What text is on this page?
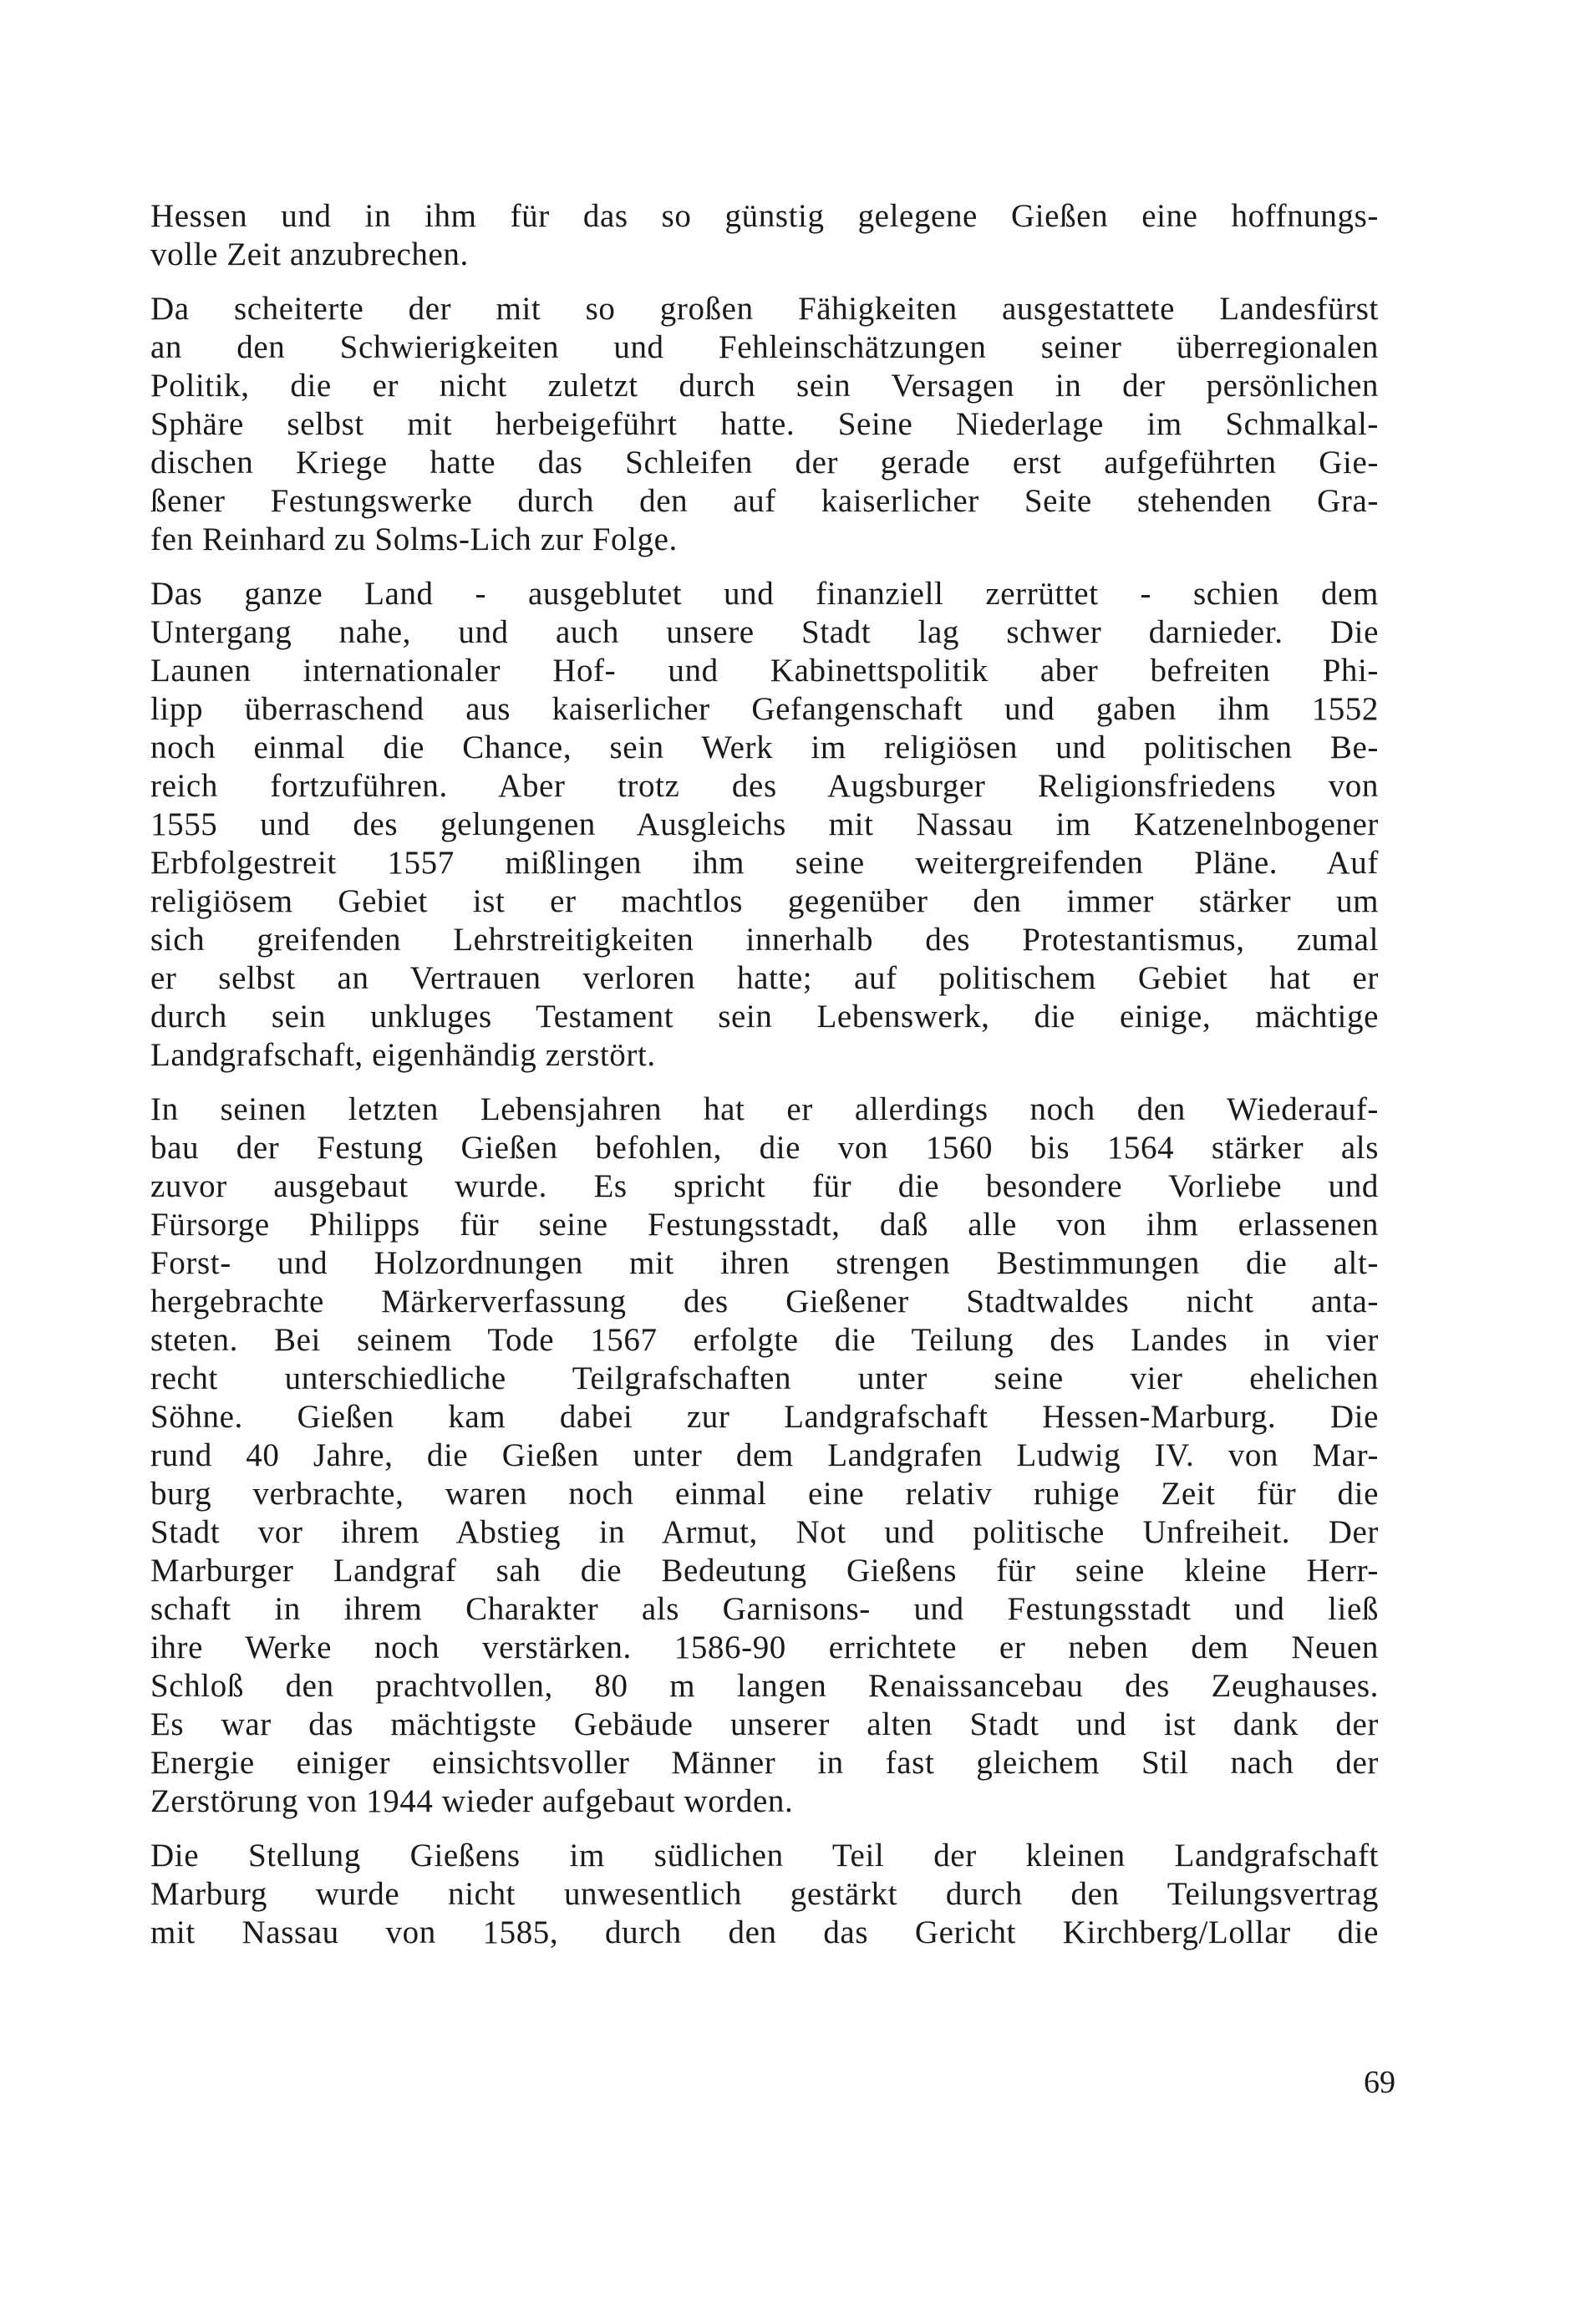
Hessen und in ihm für das so günstig gelegene Gießen eine hoffnungs-
volle Zeit anzubrechen.
Da scheiterte der mit so großen Fähigkeiten ausgestattete Landesfürst
an den Schwierigkeiten und Fehleinschätzungen seiner überregionalen
Politik, die er nicht zuletzt durch sein Versagen in der persönlichen
Sphäre selbst mit herbeigeführt hatte. Seine Niederlage im Schmalkal-
dischen Kriege hatte das Schleifen der gerade erst aufgeführten Gie-
ßener Festungswerke durch den auf kaiserlicher Seite stehenden Gra-
fen Reinhard zu Solms-Lich zur Folge.
Das ganze Land - ausgeblutet und finanziell zerrüttet - schien dem
Untergang nahe, und auch unsere Stadt lag schwer darnieder. Die
Launen internationaler Hof- und Kabinettspolitik aber befreiten Phi-
lipp überraschend aus kaiserlicher Gefangenschaft und gaben ihm 1552
noch einmal die Chance, sein Werk im religiösen und politischen Be-
reich fortzuführen. Aber trotz des Augsburger Religionsfriedens von
1555 und des gelungenen Ausgleichs mit Nassau im Katzenelnbogener
Erbfolgestreit 1557 mißlingen ihm seine weitergreifenden Pläne. Auf
religiösem Gebiet ist er machtlos gegenüber den immer stärker um
sich greifenden Lehrstreitigkeiten innerhalb des Protestantismus, zumal
er selbst an Vertrauen verloren hatte; auf politischem Gebiet hat er
durch sein unkluges Testament sein Lebenswerk, die einige, mächtige
Landgrafschaft, eigenhändig zerstört.
In seinen letzten Lebensjahren hat er allerdings noch den Wiederauf-
bau der Festung Gießen befohlen, die von 1560 bis 1564 stärker als
zuvor ausgebaut wurde. Es spricht für die besondere Vorliebe und
Fürsorge Philipps für seine Festungsstadt, daß alle von ihm erlassenen
Forst- und Holzordnungen mit ihren strengen Bestimmungen die alt-
hergebrachte Märkerverfassung des Gießener Stadtwaldes nicht anta-
steten. Bei seinem Tode 1567 erfolgte die Teilung des Landes in vier
recht unterschiedliche Teilgrafschaften unter seine vier ehelichen
Söhne. Gießen kam dabei zur Landgrafschaft Hessen-Marburg. Die
rund 40 Jahre, die Gießen unter dem Landgrafen Ludwig IV. von Mar-
burg verbrachte, waren noch einmal eine relativ ruhige Zeit für die
Stadt vor ihrem Abstieg in Armut, Not und politische Unfreiheit. Der
Marburger Landgraf sah die Bedeutung Gießens für seine kleine Herr-
schaft in ihrem Charakter als Garnisons- und Festungsstadt und ließ
ihre Werke noch verstärken. 1586-90 errichtete er neben dem Neuen
Schloß den prachtvollen, 80 m langen Renaissancebau des Zeughauses.
Es war das mächtigste Gebäude unserer alten Stadt und ist dank der
Energie einiger einsichtsvoller Männer in fast gleichem Stil nach der
Zerstörung von 1944 wieder aufgebaut worden.
Die Stellung Gießens im südlichen Teil der kleinen Landgrafschaft
Marburg wurde nicht unwesentlich gestärkt durch den Teilungsvertrag
mit Nassau von 1585, durch den das Gericht Kirchberg/Lollar die
69
